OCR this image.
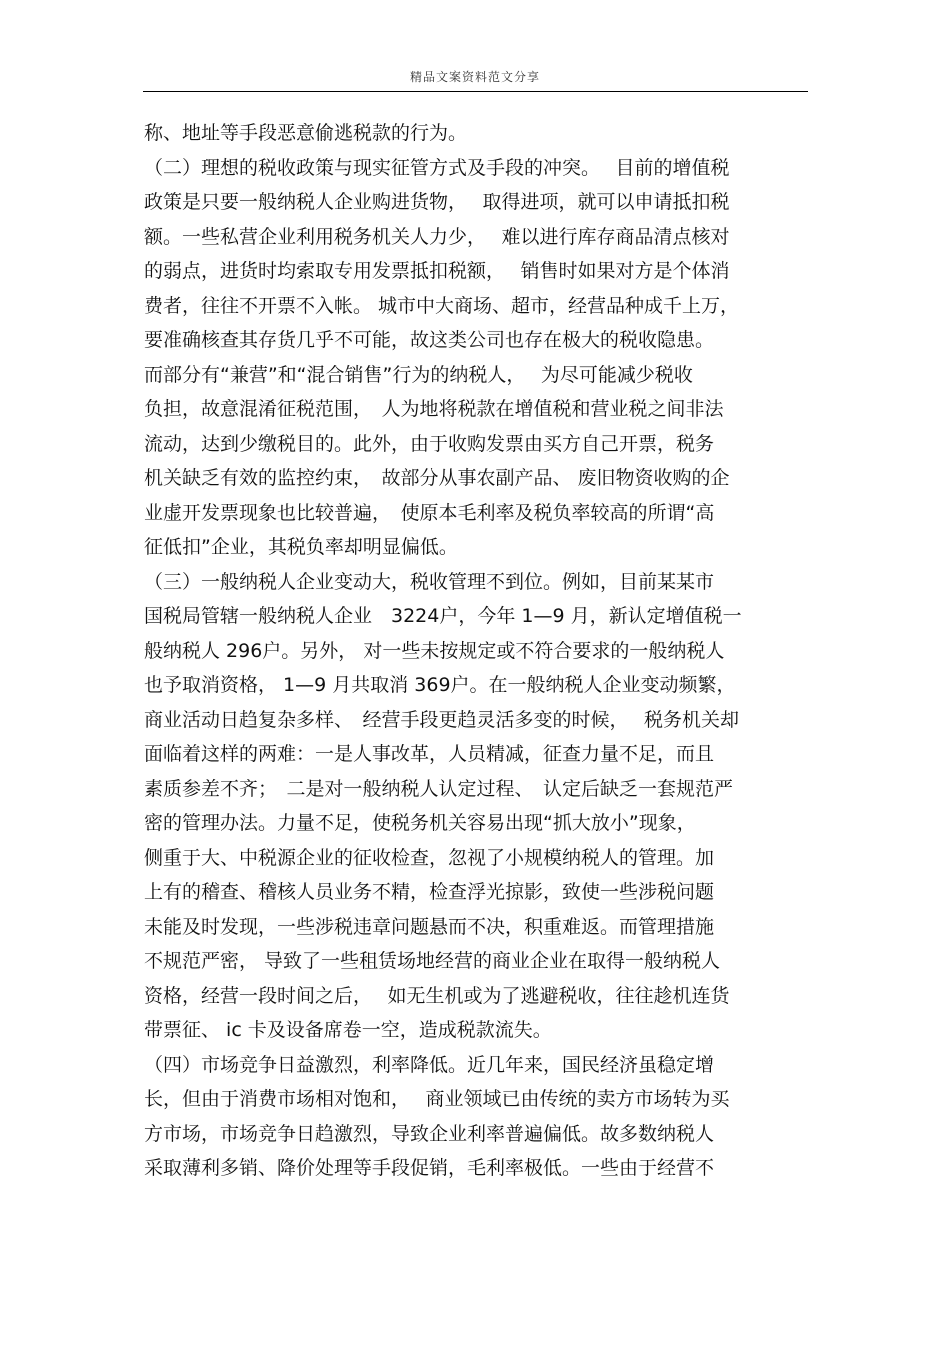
精品文案资料范文分享
称、地址等手段恶意偷逃税款的行为。
（二）理想的税收政策与现实征管方式及手段的冲突。　 目前的增值税
政策是只要一般纳税人企业购进货物，　 取得进项，就可以申请抵扣税
额。一些私营企业利用税务机关人力少，　 难以进行库存商品清点核对
的弱点，进货时均索取专用发票抵扣税额，　 销售时如果对方是个体消
费者，往往不开票不入帐。 城市中大商场、超市，经营品种成千上万，
要准确核查其存货几乎不可能，故这类公司也存在极大的税收隐患。
而部分有“兼营”和“混合销售”行为的纳税人，　 为尽可能减少税收
负担，故意混淆征税范围，　人为地将税款在增值税和营业税之间非法
流动，达到少缴税目的。此外，由于收购发票由买方自己开票，税务
机关缺乏有效的监控约束，　故部分从事农副产品、 废旧物资收购的企
业虚开发票现象也比较普遍，　使原本毛利率及税负率较高的所谓“高
征低扣”企业，其税负率却明显偏低。
（三）一般纳税人企业变动大，税收管理不到位。例如，目前某某市
国税局管辖一般纳税人企业　3224户，今年 1—9 月，新认定增值税一
般纳税人 296户。另外， 对一些未按规定或不符合要求的一般纳税人
也予取消资格， 1—9 月共取消 369户。在一般纳税人企业变动频繁，
商业活动日趋复杂多样、　经营手段更趋灵活多变的时候，　 税务机关却
面临着这样的两难：一是人事改革，人员精减，征查力量不足，而且
素质参差不齐；　二是对一般纳税人认定过程、　认定后缺乏一套规范严
密的管理办法。力量不足，使税务机关容易出现“抓大放小”现象，
侧重于大、中税源企业的征收检查，忽视了小规模纳税人的管理。加
上有的稽查、稽核人员业务不精，检查浮光掠影，致使一些涉税问题
未能及时发现，一些涉税违章问题悬而不决，积重难返。而管理措施
不规范严密， 导致了一些租赁场地经营的商业企业在取得一般纳税人
资格，经营一段时间之后，　 如无生机或为了逃避税收，往往趁机连货
带票征、 ic 卡及设备席卷一空，造成税款流失。
（四）市场竞争日益激烈，利率降低。近几年来，国民经济虽稳定增
长，但由于消费市场相对饱和，　 商业领域已由传统的卖方市场转为买
方市场，市场竞争日趋激烈，导致企业利率普遍偏低。故多数纳税人
采取薄利多销、降价处理等手段促销，毛利率极低。一些由于经营不
